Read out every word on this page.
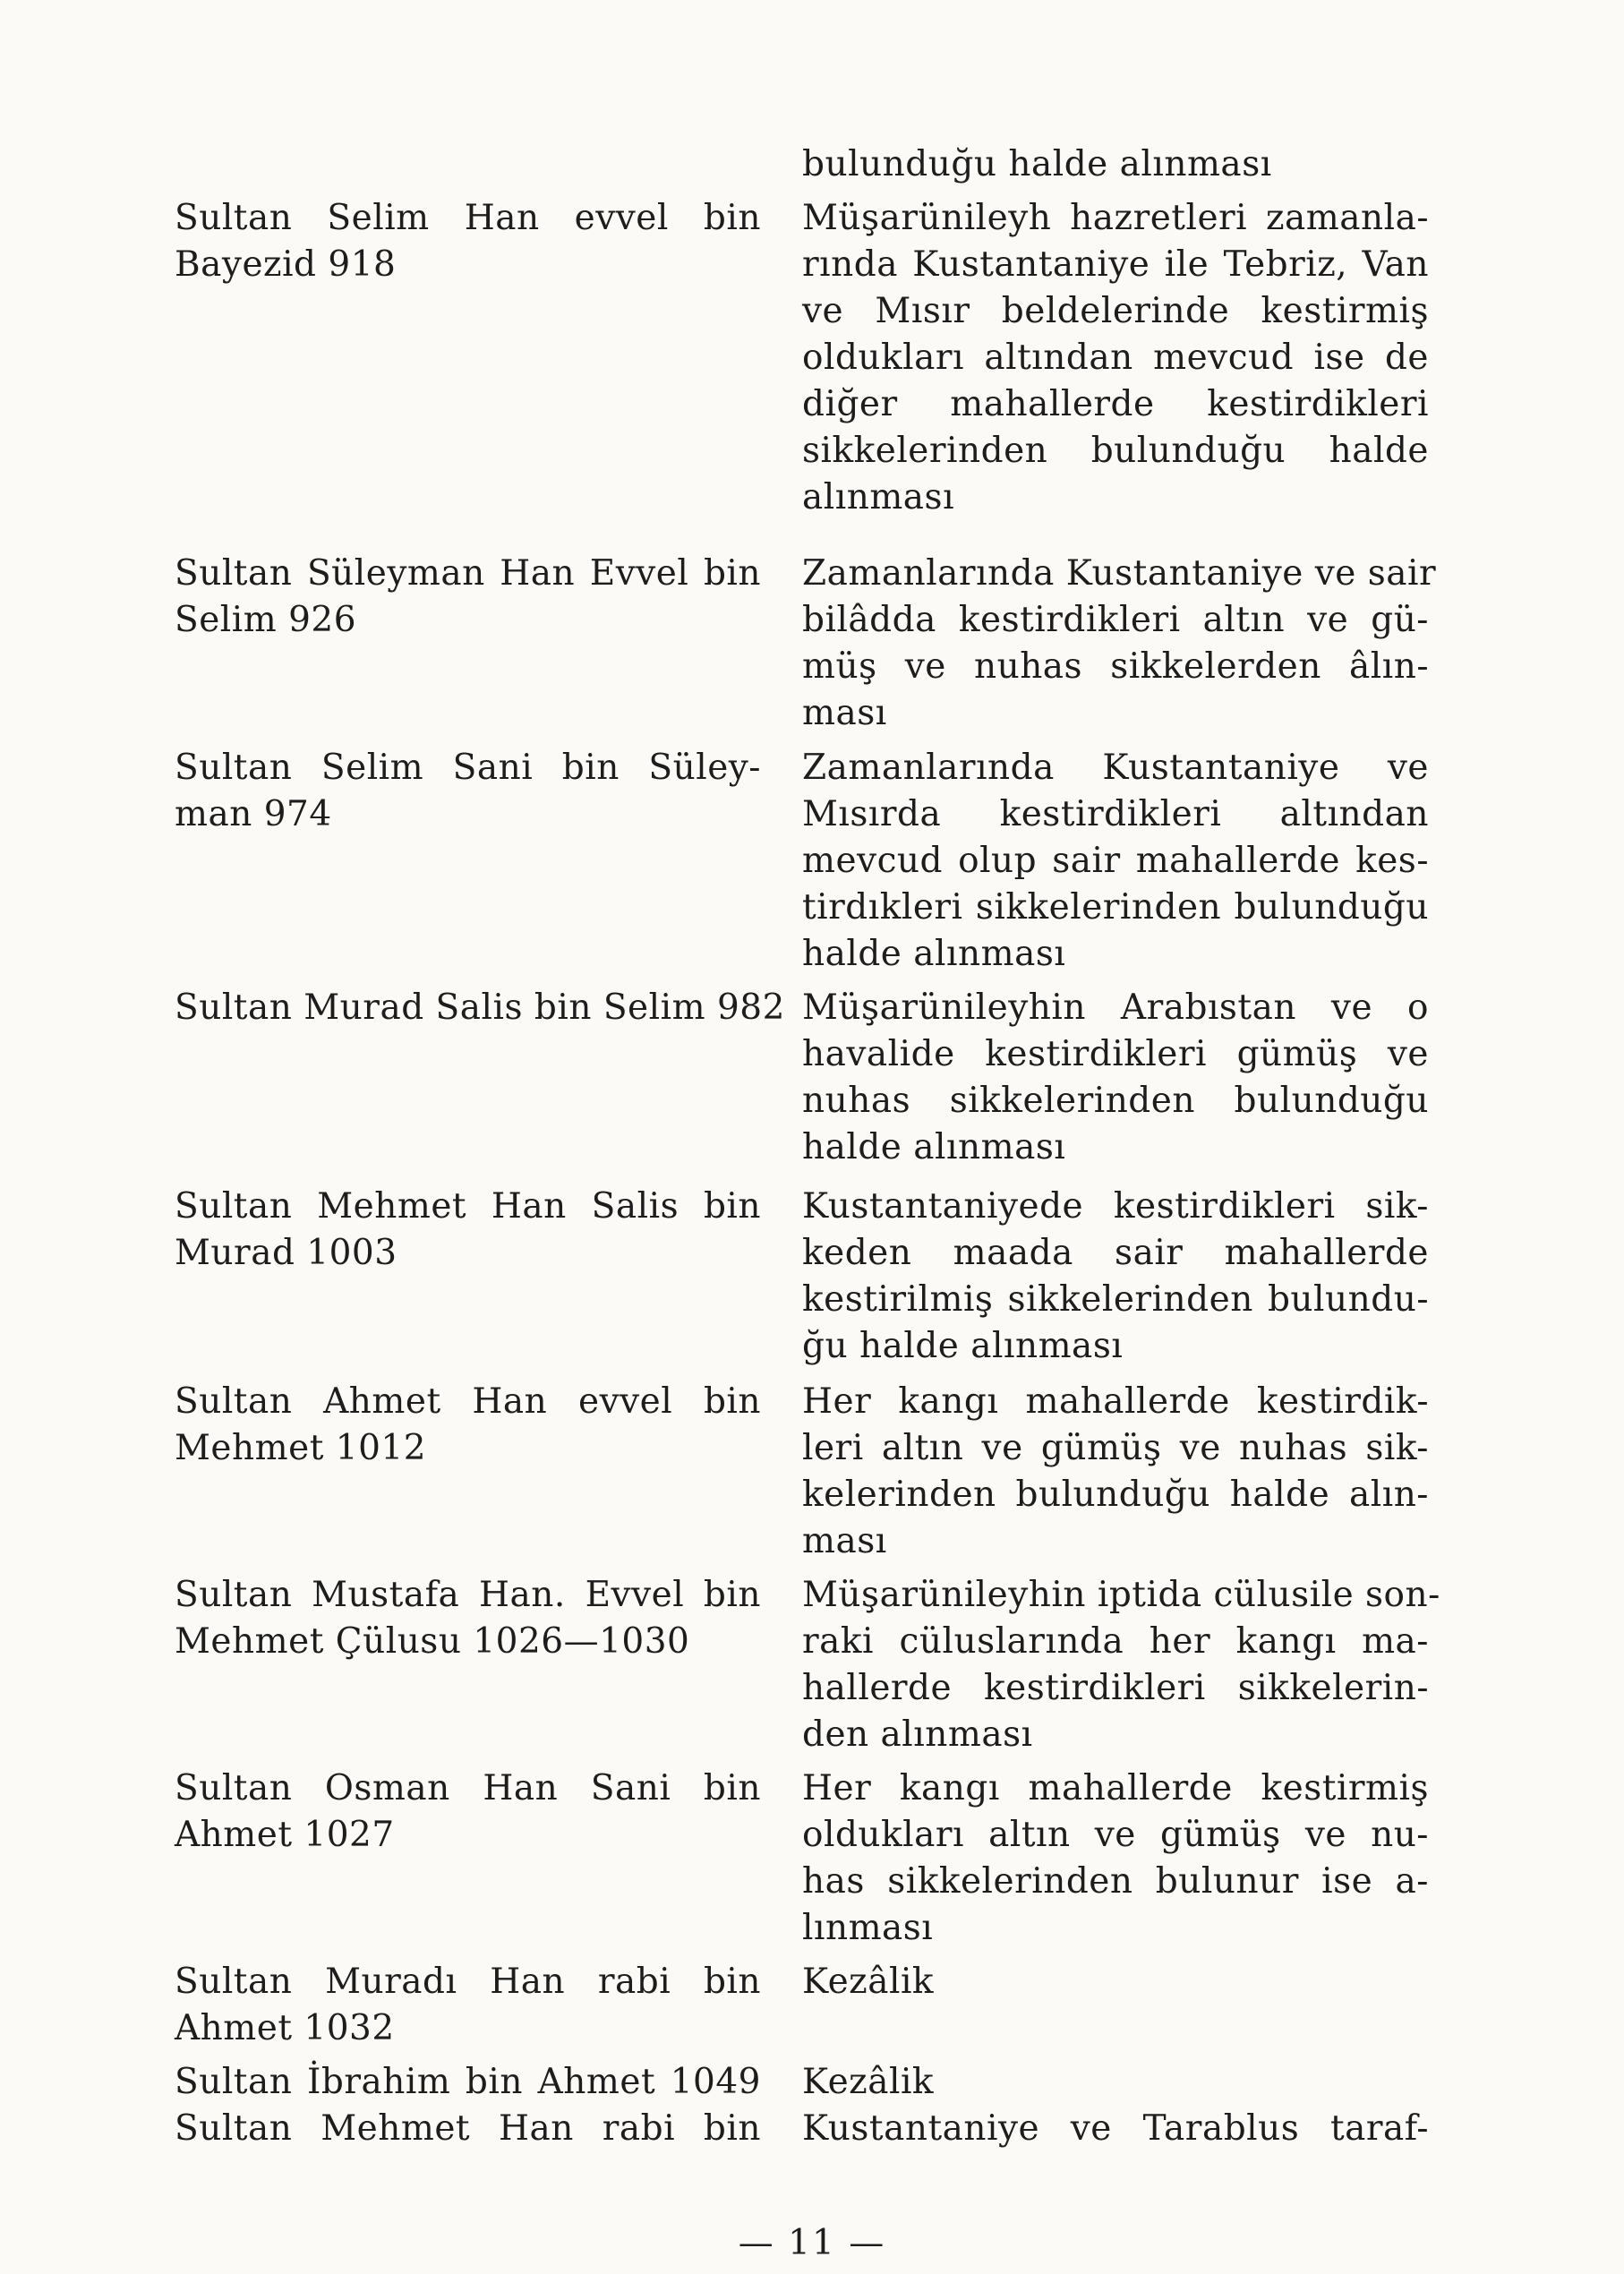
bulunduğu halde alınması
Sultan Selim Han evvel bin
Bayezid 918
Müşarünileyh hazretleri zamanla-
rında Kustantaniye ile Tebriz, Van
ve Mısır beldelerinde kestirmiş
oldukları altından mevcud ise de
diğer mahallerde kestirdikleri
sikkelerinden bulunduğu halde
alınması
Sultan Süleyman Han Evvel bin
Selim 926
Zamanlarında Kustantaniye ve sair
bilâdda kestirdikleri altın ve gü-
müş ve nuhas sikkelerden âlın-
ması
Sultan Selim Sani bin Süley-
man 974
Zamanlarında Kustantaniye ve
Mısırda kestirdikleri altından
mevcud olup sair mahallerde kes-
tirdıkleri sikkelerinden bulunduğu
halde alınması
Sultan Murad Salis bin Selim 982 Müşarünileyhin Arabıstan ve o
havalide kestirdikleri gümüş ve
nuhas sikkelerinden bulunduğu
halde alınması
Sultan Mehmet Han Salis bin
Murad 1003
Kustantaniyede kestirdikleri sik-
keden maada sair mahallerde
kestirilmiş sikkelerinden bulundu-
ğu halde alınması
Sultan Ahmet Han evvel bin
Mehmet 1012
Her kangı mahallerde kestirdik-
leri altın ve gümüş ve nuhas sik-
kelerinden bulunduğu halde alın-
ması
Sultan Mustafa Han. Evvel bin
Mehmet Çülusu 1026—1030
Müşarünileyhin iptida cülusile son-
raki cüluslarında her kangı ma-
hallerde kestirdikleri sikkelerin-
den alınması
Sultan Osman Han Sani bin
Ahmet 1027
Her kangı mahallerde kestirmiş
oldukları altın ve gümüş ve nu-
has sikkelerinden bulunur ise a-
lınması
Sultan Muradı Han rabi bin
Ahmet 1032
Kezâlik
Sultan İbrahim bin Ahmet 1049 Kezâlik
Sultan Mehmet Han rabi bin Kustantaniye ve Tarablus taraf-
— 11 —
